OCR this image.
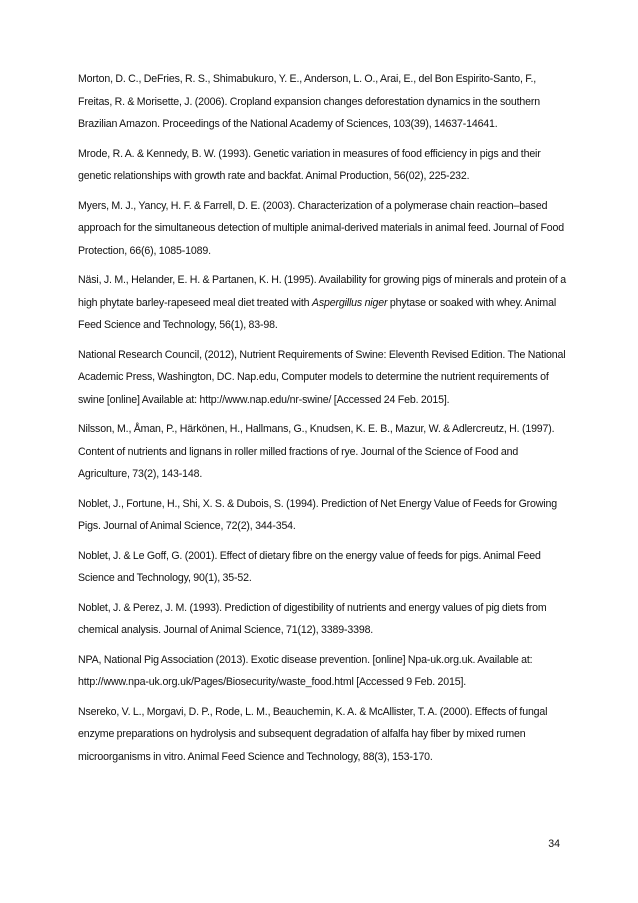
Morton, D. C., DeFries, R. S., Shimabukuro, Y. E., Anderson, L. O., Arai, E., del Bon Espirito-Santo, F., Freitas, R. & Morisette, J. (2006). Cropland expansion changes deforestation dynamics in the southern Brazilian Amazon. Proceedings of the National Academy of Sciences, 103(39), 14637-14641.

Mrode, R. A. & Kennedy, B. W. (1993). Genetic variation in measures of food efficiency in pigs and their genetic relationships with growth rate and backfat. Animal Production, 56(02), 225-232.

Myers, M. J., Yancy, H. F. & Farrell, D. E. (2003). Characterization of a polymerase chain reaction–based approach for the simultaneous detection of multiple animal-derived materials in animal feed. Journal of Food Protection, 66(6), 1085-1089.

Näsi, J. M., Helander, E. H. & Partanen, K. H. (1995). Availability for growing pigs of minerals and protein of a high phytate barley-rapeseed meal diet treated with Aspergillus niger phytase or soaked with whey. Animal Feed Science and Technology, 56(1), 83-98.

National Research Council, (2012), Nutrient Requirements of Swine: Eleventh Revised Edition. The National Academic Press, Washington, DC. Nap.edu, Computer models to determine the nutrient requirements of swine [online] Available at: http://www.nap.edu/nr-swine/ [Accessed 24 Feb. 2015].

Nilsson, M., Åman, P., Härkönen, H., Hallmans, G., Knudsen, K. E. B., Mazur, W. & Adlercreutz, H. (1997). Content of nutrients and lignans in roller milled fractions of rye. Journal of the Science of Food and Agriculture, 73(2), 143-148.

Noblet, J., Fortune, H., Shi, X. S. & Dubois, S. (1994). Prediction of Net Energy Value of Feeds for Growing Pigs. Journal of Animal Science, 72(2), 344-354.

Noblet, J. & Le Goff, G. (2001). Effect of dietary fibre on the energy value of feeds for pigs. Animal Feed Science and Technology, 90(1), 35-52.

Noblet, J. & Perez, J. M. (1993). Prediction of digestibility of nutrients and energy values of pig diets from chemical analysis. Journal of Animal Science, 71(12), 3389-3398.

NPA, National Pig Association (2013). Exotic disease prevention. [online] Npa-uk.org.uk. Available at: http://www.npa-uk.org.uk/Pages/Biosecurity/waste_food.html [Accessed 9 Feb. 2015].

Nsereko, V. L., Morgavi, D. P., Rode, L. M., Beauchemin, K. A. & McAllister, T. A. (2000). Effects of fungal enzyme preparations on hydrolysis and subsequent degradation of alfalfa hay fiber by mixed rumen microorganisms in vitro. Animal Feed Science and Technology, 88(3), 153-170.

34
